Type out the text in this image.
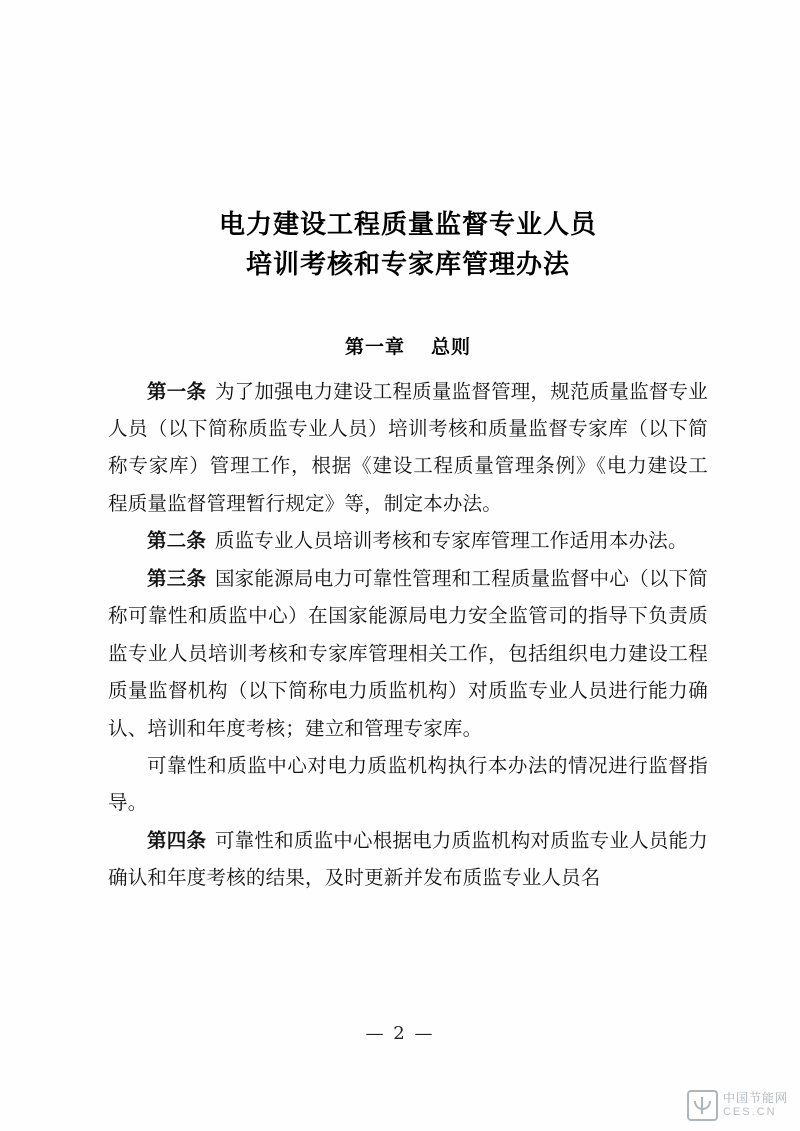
电力建设工程质量监督专业人员
培训考核和专家库管理办法
第一章 总则

第一条 为了加强电力建设工程质量监督管理，规范质量监督专业人员（以下简称质监专业人员）培训考核和质量监督专家库（以下简称专家库）管理工作，根据《建设工程质量管理条例》《电力建设工程质量监督管理暂行规定》等，制定本办法。

第二条 质监专业人员培训考核和专家库管理工作适用本办法。

第三条 国家能源局电力可靠性管理和工程质量监督中心（以下简称可靠性和质监中心）在国家能源局电力安全监管司的指导下负责质监专业人员培训考核和专家库管理相关工作，包括组织电力建设工程质量监督机构（以下简称电力质监机构）对质监专业人员进行能力确认、培训和年度考核；建立和管理专家库。

可靠性和质监中心对电力质监机构执行本办法的情况进行监督指导。

第四条 可靠性和质监中心根据电力质监机构对质监专业人员能力确认和年度考核的结果，及时更新并发布质监专业人员名

— 2 —
中国节能网
CES.CN
